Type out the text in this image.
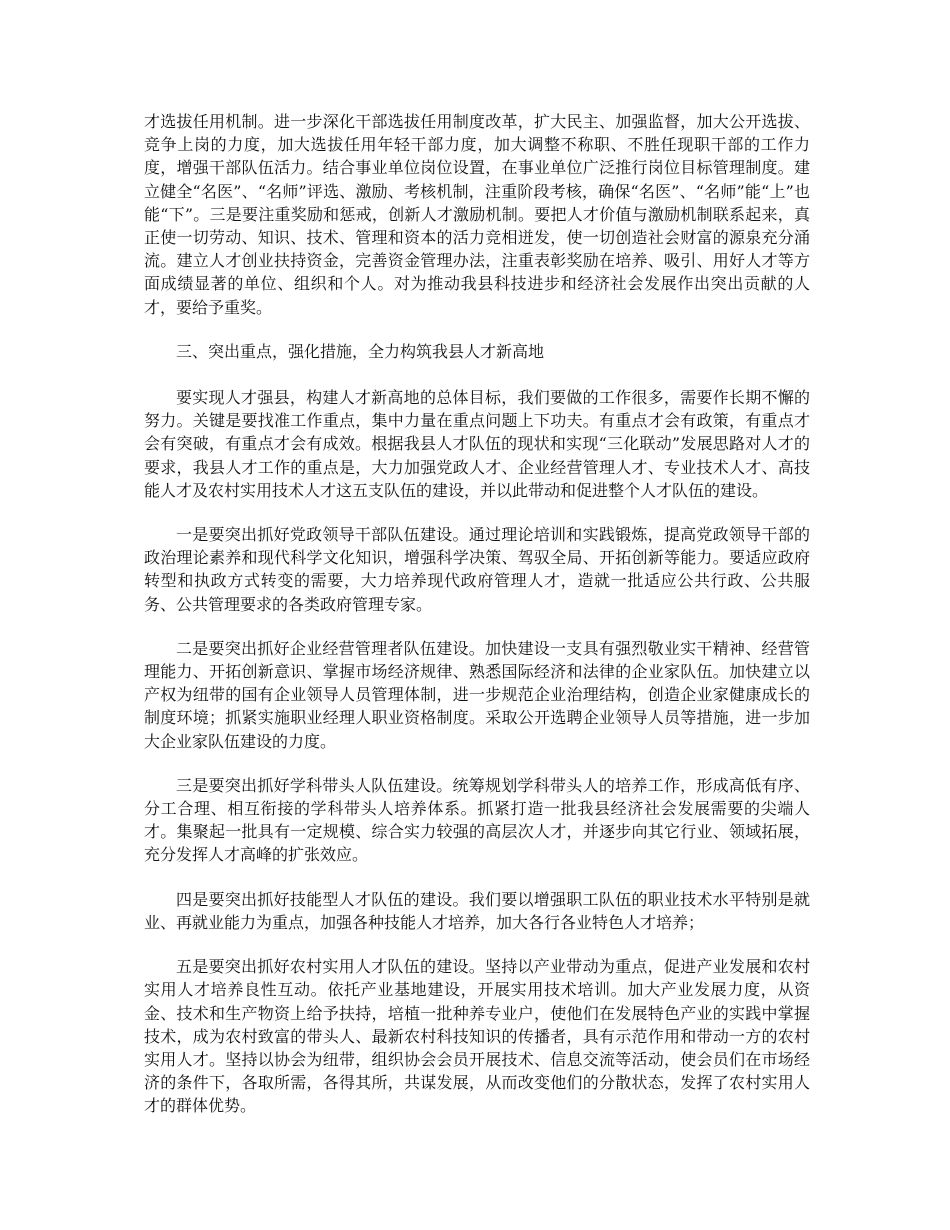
才选拔任用机制。进一步深化干部选拔任用制度改革，扩大民主、加强监督，加大公开选拔、竞争上岗的力度，加大选拔任用年轻干部力度，加大调整不称职、不胜任现职干部的工作力度，增强干部队伍活力。结合事业单位岗位设置，在事业单位广泛推行岗位目标管理制度。建立健全“名医”、“名师”评选、激励、考核机制，注重阶段考核，确保“名医”、“名师”能“上”也能“下”。三是要注重奖励和惩戒，创新人才激励机制。要把人才价值与激励机制联系起来，真正使一切劳动、知识、技术、管理和资本的活力竞相迸发，使一切创造社会财富的源泉充分涌流。建立人才创业扶持资金，完善资金管理办法，注重表彰奖励在培养、吸引、用好人才等方面成绩显著的单位、组织和个人。对为推动我县科技进步和经济社会发展作出突出贡献的人才，要给予重奖。

三、突出重点，强化措施，全力构筑我县人才新高地

要实现人才强县，构建人才新高地的总体目标，我们要做的工作很多，需要作长期不懈的努力。关键是要找准工作重点，集中力量在重点问题上下功夫。有重点才会有政策，有重点才会有突破，有重点才会有成效。根据我县人才队伍的现状和实现“三化联动”发展思路对人才的要求，我县人才工作的重点是，大力加强党政人才、企业经营管理人才、专业技术人才、高技能人才及农村实用技术人才这五支队伍的建设，并以此带动和促进整个人才队伍的建设。

一是要突出抓好党政领导干部队伍建设。通过理论培训和实践锻炼，提高党政领导干部的政治理论素养和现代科学文化知识，增强科学决策、驾驭全局、开拓创新等能力。要适应政府转型和执政方式转变的需要，大力培养现代政府管理人才，造就一批适应公共行政、公共服务、公共管理要求的各类政府管理专家。

二是要突出抓好企业经营管理者队伍建设。加快建设一支具有强烈敬业实干精神、经营管理能力、开拓创新意识、掌握市场经济规律、熟悉国际经济和法律的企业家队伍。加快建立以产权为纽带的国有企业领导人员管理体制，进一步规范企业治理结构，创造企业家健康成长的制度环境；抓紧实施职业经理人职业资格制度。采取公开选聘企业领导人员等措施，进一步加大企业家队伍建设的力度。

三是要突出抓好学科带头人队伍建设。统筹规划学科带头人的培养工作，形成高低有序、分工合理、相互衔接的学科带头人培养体系。抓紧打造一批我县经济社会发展需要的尖端人才。集聚起一批具有一定规模、综合实力较强的高层次人才，并逐步向其它行业、领域拓展，充分发挥人才高峰的扩张效应。

四是要突出抓好技能型人才队伍的建设。我们要以增强职工队伍的职业技术水平特别是就业、再就业能力为重点，加强各种技能人才培养，加大各行各业特色人才培养；

五是要突出抓好农村实用人才队伍的建设。坚持以产业带动为重点，促进产业发展和农村实用人才培养良性互动。依托产业基地建设，开展实用技术培训。加大产业发展力度，从资金、技术和生产物资上给予扶持，培植一批种养专业户，使他们在发展特色产业的实践中掌握技术，成为农村致富的带头人、最新农村科技知识的传播者，具有示范作用和带动一方的农村实用人才。坚持以协会为纽带，组织协会会员开展技术、信息交流等活动，使会员们在市场经济的条件下，各取所需，各得其所，共谋发展，从而改变他们的分散状态，发挥了农村实用人才的群体优势。
